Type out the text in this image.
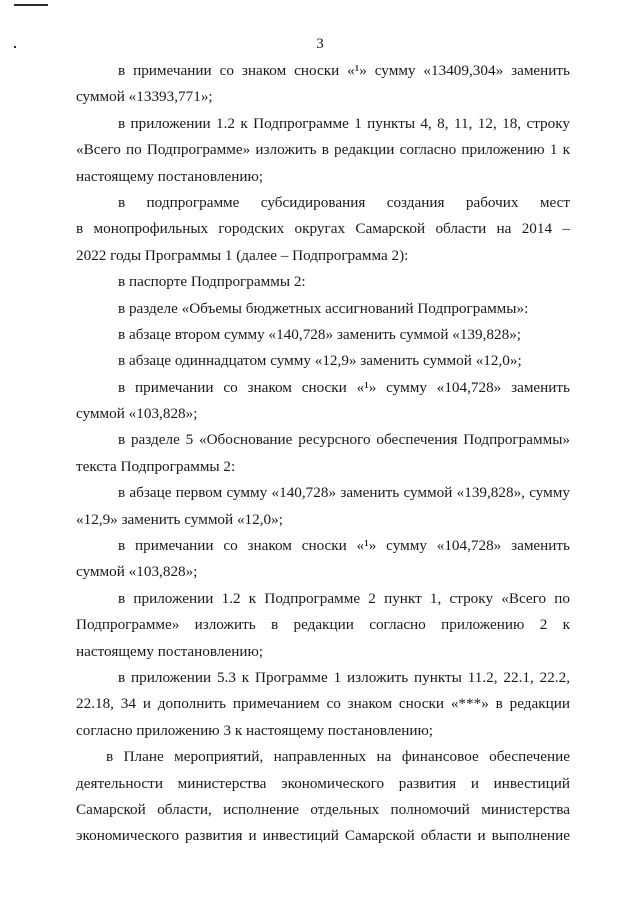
3
в примечании со знаком сноски «¹» сумму «13409,304» заменить
суммой «13393,771»;
в приложении 1.2 к Подпрограмме 1 пункты 4, 8, 11, 12, 18, строку
«Всего по Подпрограмме» изложить в редакции согласно приложению 1 к
настоящему постановлению;
в подпрограмме субсидирования создания рабочих мест
в монопрофильных городских округах Самарской области на 2014 –
2022 годы Программы 1 (далее – Подпрограмма 2):
в паспорте Подпрограммы 2:
в разделе «Объемы бюджетных ассигнований Подпрограммы»:
в абзаце втором сумму «140,728» заменить суммой «139,828»;
в абзаце одиннадцатом сумму «12,9» заменить суммой «12,0»;
в примечании со знаком сноски «¹» сумму «104,728» заменить
суммой «103,828»;
в разделе 5 «Обоснование ресурсного обеспечения Подпрограммы»
текста Подпрограммы 2:
в абзаце первом сумму «140,728» заменить суммой «139,828», сумму
«12,9» заменить суммой «12,0»;
в примечании со знаком сноски «¹» сумму «104,728» заменить
суммой «103,828»;
в приложении 1.2 к Подпрограмме 2 пункт 1, строку «Всего по
Подпрограмме» изложить в редакции согласно приложению 2 к
настоящему постановлению;
в приложении 5.3 к Программе 1 изложить пункты 11.2, 22.1, 22.2,
22.18, 34 и дополнить примечанием со знаком сноски «***» в редакции
согласно приложению 3 к настоящему постановлению;
в Плане мероприятий, направленных на финансовое обеспечение
деятельности министерства экономического развития и инвестиций
Самарской области, исполнение отдельных полномочий министерства
экономического развития и инвестиций Самарской области и выполнение
